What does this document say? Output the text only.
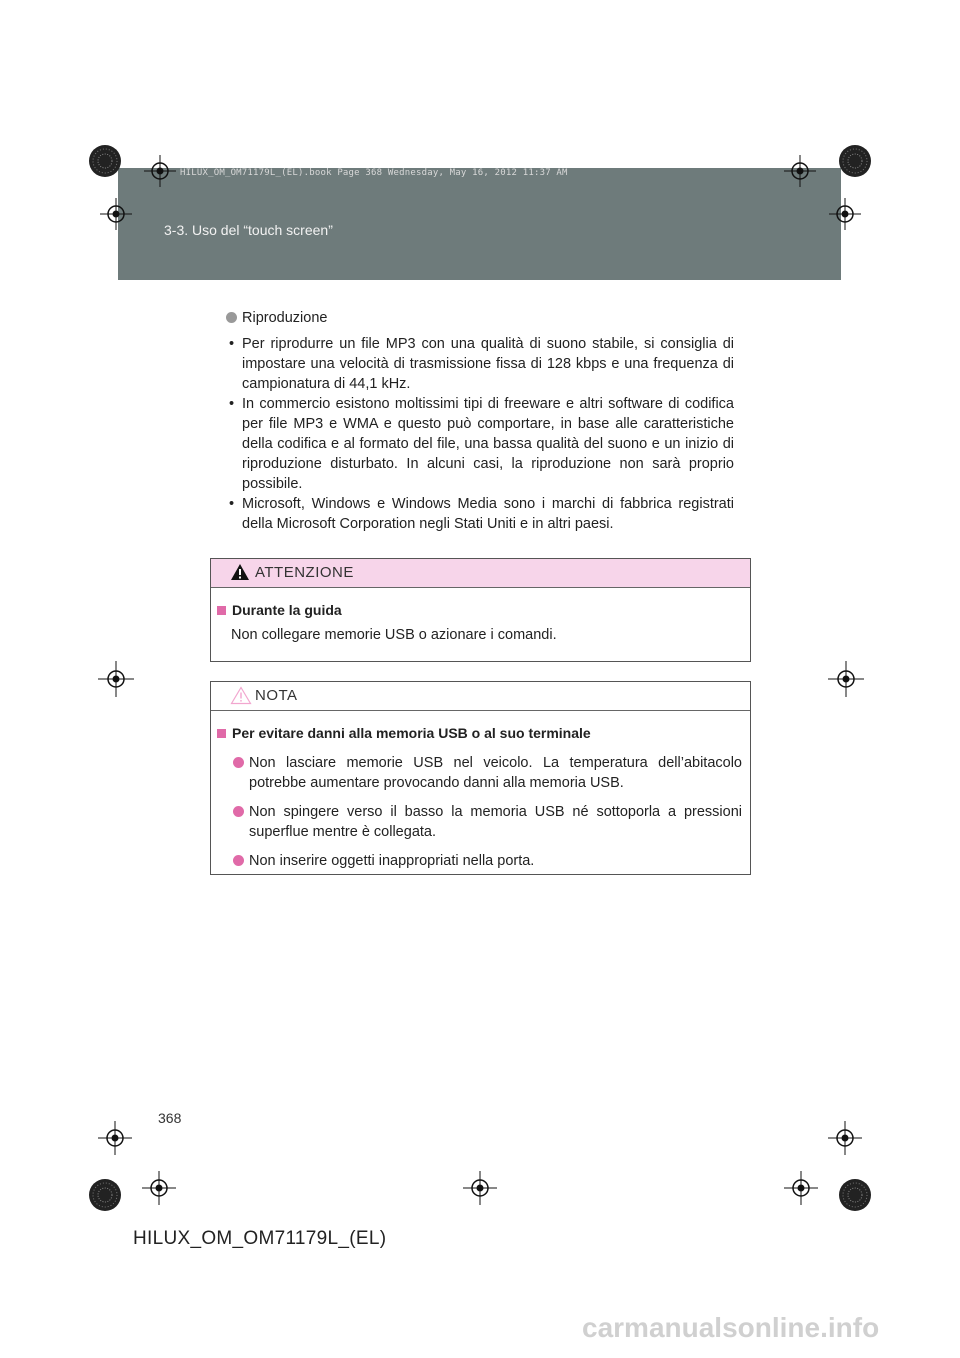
HILUX_OM_OM71179L_(EL).book Page 368 Wednesday, May 16, 2012 11:37 AM
3-3. Uso del “touch screen”
Riproduzione
• Per riprodurre un file MP3 con una qualità di suono stabile, si consiglia di impostare una velocità di trasmissione fissa di 128 kbps e una frequenza di campionatura di 44,1 kHz.
• In commercio esistono moltissimi tipi di freeware e altri software di codifica per file MP3 e WMA e questo può comportare, in base alle caratteristiche della codifica e al formato del file, una bassa qualità del suono e un inizio di riproduzione disturbato. In alcuni casi, la riproduzione non sarà proprio possibile.
• Microsoft, Windows e Windows Media sono i marchi di fabbrica registrati della Microsoft Corporation negli Stati Uniti e in altri paesi.
ATTENZIONE
Durante la guida
Non collegare memorie USB o azionare i comandi.
NOTA
Per evitare danni alla memoria USB o al suo terminale
Non lasciare memorie USB nel veicolo. La temperatura dell’abitacolo potrebbe aumentare provocando danni alla memoria USB.
Non spingere verso il basso la memoria USB né sottoporla a pressioni superflue mentre è collegata.
Non inserire oggetti inappropriati nella porta.
368
HILUX_OM_OM71179L_(EL)
carmanualsonline.info
